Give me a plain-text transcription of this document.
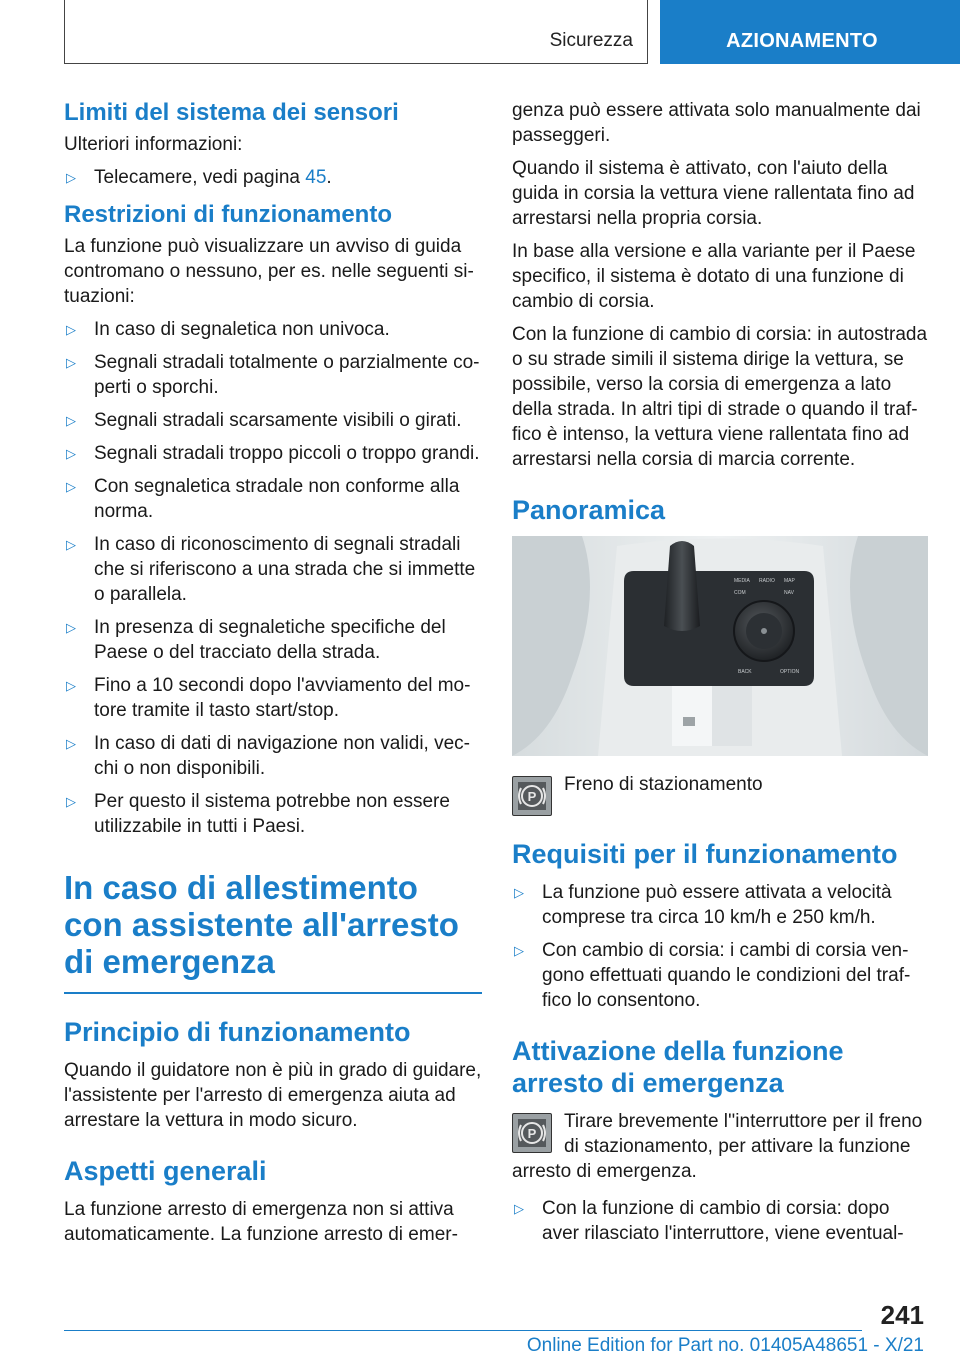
Sicurezza	AZIONAMENTO
Limiti del sistema dei sensori

Ulteriori informazioni:

▷ Telecamere, vedi pagina 45.
Restrizioni di funzionamento

La funzione può visualizzare un avviso di guida contromano o nessuno, per es. nelle seguenti si-tuazioni:

▷ In caso di segnaletica non univoca.
▷ Segnali stradali totalmente o parzialmente co-perti o sporchi.
▷ Segnali stradali scarsamente visibili o girati.
▷ Segnali stradali troppo piccoli o troppo grandi.
▷ Con segnaletica stradale non conforme alla norma.
▷ In caso di riconoscimento di segnali stradali che si riferiscono a una strada che si immette o parallela.
▷ In presenza di segnaletiche specifiche del Paese o del tracciato della strada.
▷ Fino a 10 secondi dopo l'avviamento del mo-tore tramite il tasto start/stop.
▷ In caso di dati di navigazione non validi, vec-chi o non disponibili.
▷ Per questo il sistema potrebbe non essere utilizzabile in tutti i Paesi.
In caso di allestimento con assistente all'arresto di emergenza
Principio di funzionamento

Quando il guidatore non è più in grado di guidare, l'assistente per l'arresto di emergenza aiuta ad arrestare la vettura in modo sicuro.

Aspetti generali

La funzione arresto di emergenza non si attiva automaticamente. La funzione arresto di emer-

genza può essere attivata solo manualmente dai passeggeri.

Quando il sistema è attivato, con l'aiuto della guida in corsia la vettura viene rallentata fino ad arrestarsi nella propria corsia.

In base alla versione e alla variante per il Paese specifico, il sistema è dotato di una funzione di cambio di corsia.

Con la funzione di cambio di corsia: in autostrada o su strade simili il sistema dirige la vettura, se possibile, verso la corsia di emergenza a lato della strada. In altri tipi di strade o quando il traf-fico è intenso, la vettura viene rallentata fino ad arrestarsi nella corsia di marcia corrente.

Panoramica
MEDIA RADIO MAP
COM	NAV
BACK	OPTION
P

Freno di stazionamento

Requisiti per il funzionamento
▷ La funzione può essere attivata a velocità comprese tra circa 10 km/h e 250 km/h.
▷ Con cambio di corsia: i cambi di corsia ven-gono effettuati quando le condizioni del traf-fico lo consentono.
Attivazione della funzione arresto di emergenza
P

Tirare brevemente l''interruttore per il freno di stazionamento, per attivare la funzione arresto di emergenza.

▷ Con la funzione di cambio di corsia: dopo aver rilasciato l'interruttore, viene eventual-
241
Online Edition for Part no. 01405A48651 - X/21
